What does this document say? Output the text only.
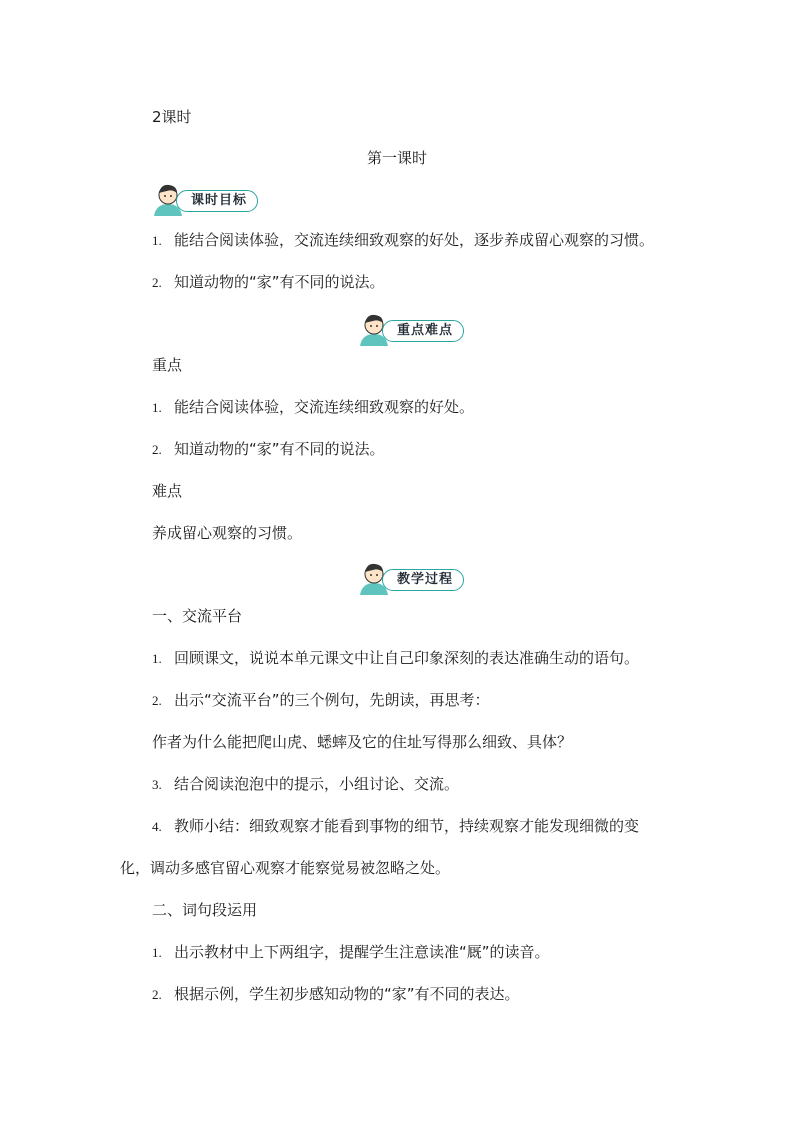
2课时
第一课时
课时目标
1. 能结合阅读体验，交流连续细致观察的好处，逐步养成留心观察的习惯。
2. 知道动物的“家”有不同的说法。
重点难点
重点
1. 能结合阅读体验，交流连续细致观察的好处。
2. 知道动物的“家”有不同的说法。
难点
养成留心观察的习惯。
教学过程
一、交流平台
1. 回顾课文，说说本单元课文中让自己印象深刻的表达准确生动的语句。
2. 出示“交流平台”的三个例句，先朗读，再思考：
作者为什么能把爬山虎、蟋蟀及它的住址写得那么细致、具体？
3. 结合阅读泡泡中的提示，小组讨论、交流。
4. 教师小结：细致观察才能看到事物的细节，持续观察才能发现细微的变
化，调动多感官留心观察才能察觉易被忽略之处。
二、词句段运用
1. 出示教材中上下两组字，提醒学生注意读准“厩”的读音。
2. 根据示例，学生初步感知动物的“家”有不同的表达。
